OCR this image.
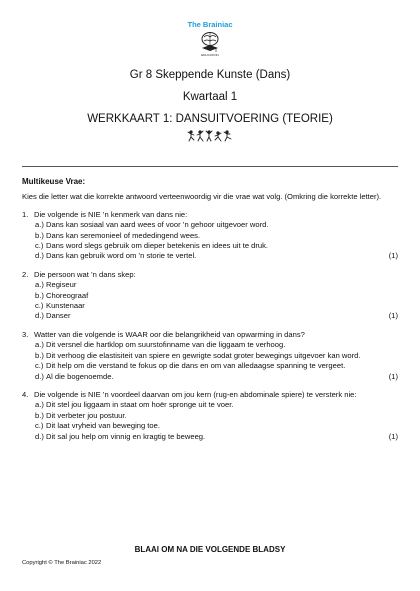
The Brainiac
EDUCATION
Gr 8 Skeppende Kunste (Dans)
Kwartaal 1
WERKKAART 1: DANSUITVOERING (TEORIE)
Multikeuse Vrae:
Kies die letter wat die korrekte antwoord verteenwoordig vir die vrae wat volg. (Omkring die korrekte letter).
1. Die volgende is NIE ’n kenmerk van dans nie:
a.) Dans kan sosiaal van aard wees of voor ’n gehoor uitgevoer word.
b.) Dans kan seremonieel of mededingend wees.
c.) Dans word slegs gebruik om dieper betekenis en idees uit te druk.
d.) Dans kan gebruik word om ’n storie te vertel.	(1)
2. Die persoon wat ’n dans skep:
a.) Regiseur
b.) Choreograaf
c.) Kunstenaar
d.) Danser	(1)
3. Watter van die volgende is WAAR oor die belangrikheid van opwarming in dans?
a.) Dit versnel die hartklop om suurstofinname van die liggaam te verhoog.
b.) Dit verhoog die elastisiteit van spiere en gewrigte sodat groter bewegings uitgevoer kan word.
c.) Dit help om die verstand te fokus op die dans en om van alledaagse spanning te vergeet.
d.) Al die bogenoemde.	(1)
4. Die volgende is NIE ’n voordeel daarvan om jou kern (rug-en abdominale spiere) te versterk nie:
a.) Dit stel jou liggaam in staat om hoër spronge uit te voer.
b.) Dit verbeter jou postuur.
c.) Dit laat vryheid van beweging toe.
d.) Dit sal jou help om vinnig en kragtig te beweeg.	(1)
BLAAI OM NA DIE VOLGENDE BLADSY
Copyright © The Brainiac 2022
